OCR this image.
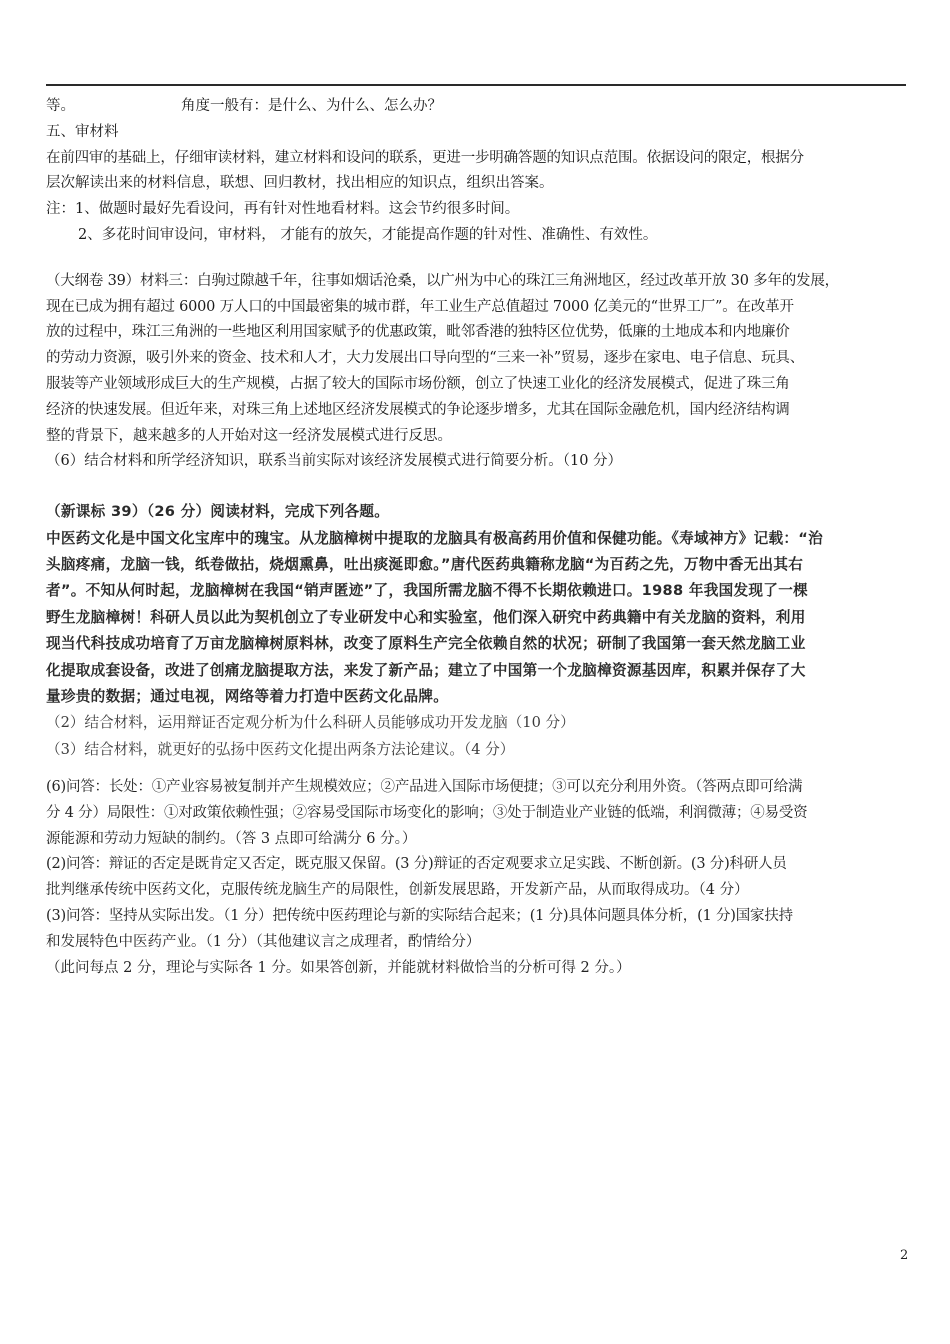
等。	角度一般有：是什么、为什么、怎么办？
五、审材料
在前四审的基础上，仔细审读材料，建立材料和设问的联系，更进一步明确答题的知识点范围。依据设问的限定，根据分
层次解读出来的材料信息，联想、回归教材，找出相应的知识点，组织出答案。
注：1、做题时最好先看设问，再有针对性地看材料。这会节约很多时间。
2、多花时间审设问，审材料， 才能有的放矢，才能提高作题的针对性、准确性、有效性。
（大纲卷 39）材料三：白驹过隙越千年，往事如烟话沧桑，以广州为中心的珠江三角洲地区，经过改革开放 30 多年的发展，
现在已成为拥有超过 6000 万人口的中国最密集的城市群，年工业生产总值超过 7000 亿美元的“世界工厂”。在改革开
放的过程中，珠江三角洲的一些地区利用国家赋予的优惠政策，毗邻香港的独特区位优势，低廉的土地成本和内地廉价
的劳动力资源，吸引外来的资金、技术和人才，大力发展出口导向型的“三来一补”贸易，逐步在家电、电子信息、玩具、
服装等产业领域形成巨大的生产规模，占据了较大的国际市场份额，创立了快速工业化的经济发展模式，促进了珠三角
经济的快速发展。但近年来，对珠三角上述地区经济发展模式的争论逐步增多，尤其在国际金融危机，国内经济结构调
整的背景下，越来越多的人开始对这一经济发展模式进行反思。
（6）结合材料和所学经济知识，联系当前实际对该经济发展模式进行简要分析。（10 分）
（新课标 39）（26 分）阅读材料，完成下列各题。
中医药文化是中国文化宝库中的瑰宝。从龙脑樟树中提取的龙脑具有极高药用价值和保健功能。《寿域神方》记载：“治
头脑疼痛，龙脑一钱，纸卷做拈，烧烟熏鼻，吐出痰涎即愈。”唐代医药典籍称龙脑“为百药之先，万物中香无出其右
者”。不知从何时起，龙脑樟树在我国“销声匿迹”了，我国所需龙脑不得不长期依赖进口。1988 年我国发现了一棵
野生龙脑樟树！科研人员以此为契机创立了专业研发中心和实验室，他们深入研究中药典籍中有关龙脑的资料，利用
现当代科技成功培育了万亩龙脑樟树原料林，改变了原料生产完全依赖自然的状况；研制了我国第一套天然龙脑工业
化提取成套设备，改进了创痛龙脑提取方法，来发了新产品；建立了中国第一个龙脑樟资源基因库，积累并保存了大
量珍贵的数据；通过电视，网络等着力打造中医药文化品牌。
（2）结合材料，运用辩证否定观分析为什么科研人员能够成功开发龙脑（10 分）
（3）结合材料，就更好的弘扬中医药文化提出两条方法论建议。（4 分）
(6)问答：长处：①产业容易被复制并产生规模效应；②产品进入国际市场便捷；③可以充分利用外资。（答两点即可给满
分 4 分）局限性：①对政策依赖性强；②容易受国际市场变化的影响；③处于制造业产业链的低端，利润微薄；④易受资
源能源和劳动力短缺的制约。（答 3 点即可给满分 6 分。）
(2)问答：辩证的否定是既肯定又否定，既克服又保留。(3 分)辩证的否定观要求立足实践、不断创新。(3 分)科研人员
批判继承传统中医药文化，克服传统龙脑生产的局限性，创新发展思路，开发新产品，从而取得成功。（4 分）
(3)问答：坚持从实际出发。（1 分）把传统中医药理论与新的实际结合起来；(1 分)具体问题具体分析，(1 分)国家扶持
和发展特色中医药产业。（1 分）（其他建议言之成理者，酌情给分）
（此问每点 2 分，理论与实际各 1 分。如果答创新，并能就材料做恰当的分析可得 2 分。）
2
